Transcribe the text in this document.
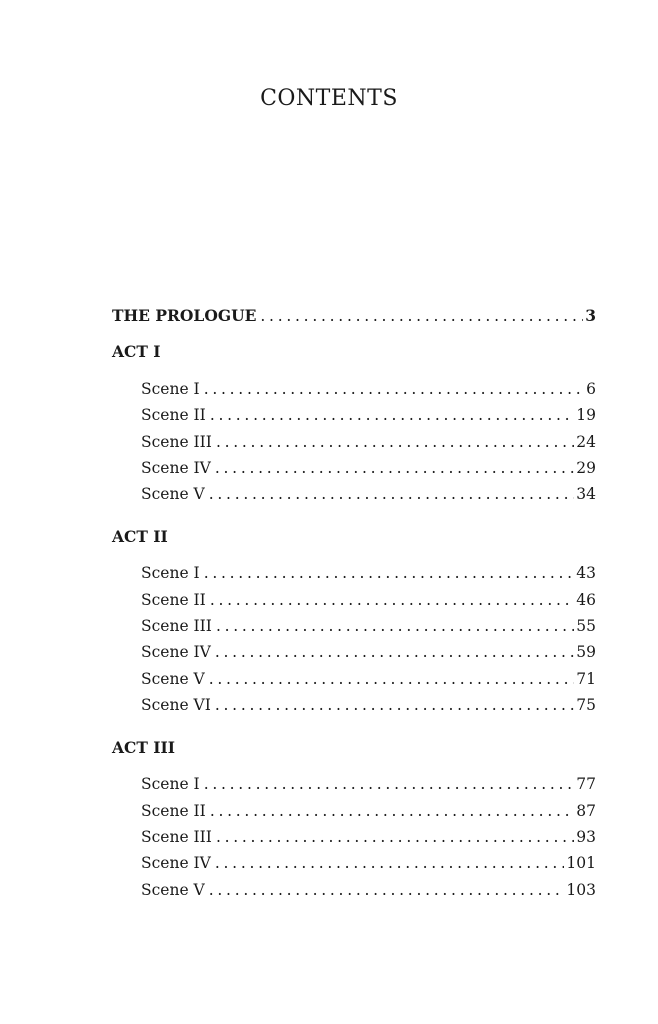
CONTENTS
THE PROLOGUE . . .	3
ACT I
Scene I . . .	6
Scene II . . .	19
Scene III . . .	24
Scene IV . . .	29
Scene V . . .	34
ACT II
Scene I . . .	43
Scene II . . .	46
Scene III . . .	55
Scene IV . . .	59
Scene V . . .	71
Scene VI . . .	75
ACT III
Scene I . . .	77
Scene II . . .	87
Scene III . . .	93
Scene IV . . .	101
Scene V . . .	103
